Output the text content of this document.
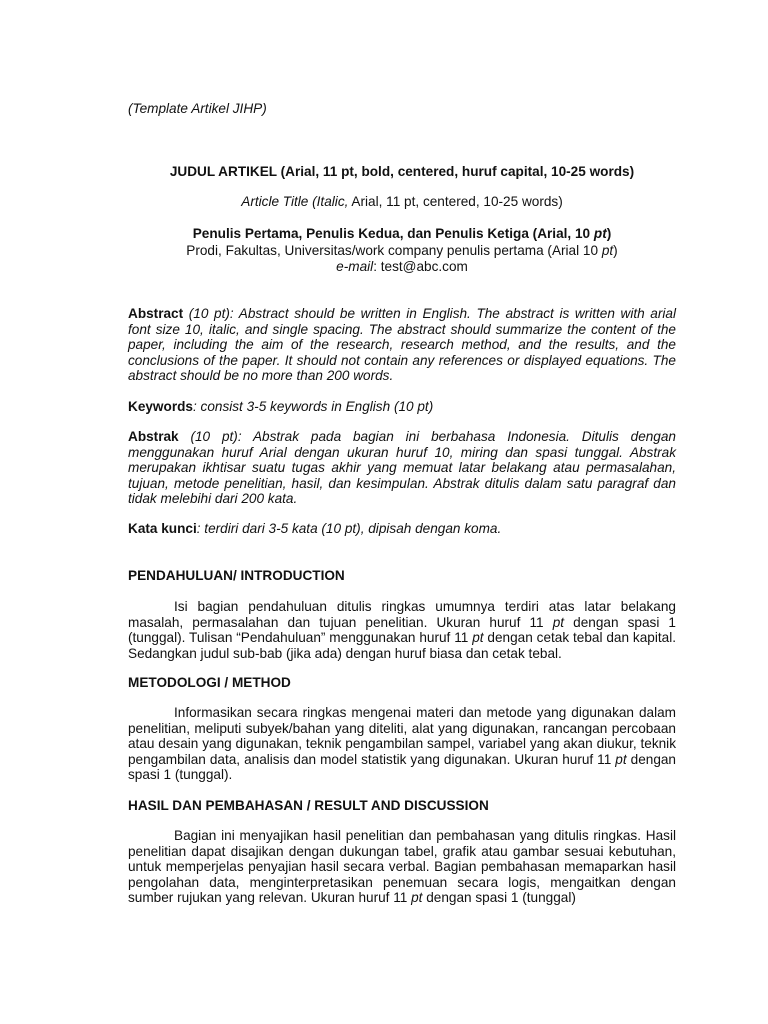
(Template Artikel JIHP)

JUDUL ARTIKEL (Arial, 11 pt, bold, centered, huruf capital, 10-25 words)

Article Title (Italic, Arial, 11 pt, centered, 10-25 words)

Penulis Pertama, Penulis Kedua, dan Penulis Ketiga (Arial, 10 pt)

Prodi, Fakultas, Universitas/work company penulis pertama (Arial 10 pt)

e-mail: test@abc.com

Abstract (10 pt): Abstract should be written in English. The abstract is written with arial font size 10, italic, and single spacing. The abstract should summarize the content of the paper, including the aim of the research, research method, and the results, and the conclusions of the paper. It should not contain any references or displayed equations. The abstract should be no more than 200 words.

Keywords: consist 3-5 keywords in English (10 pt)

Abstrak (10 pt): Abstrak pada bagian ini berbahasa Indonesia. Ditulis dengan menggunakan huruf Arial dengan ukuran huruf 10, miring dan spasi tunggal. Abstrak merupakan ikhtisar suatu tugas akhir yang memuat latar belakang atau permasalahan, tujuan, metode penelitian, hasil, dan kesimpulan. Abstrak ditulis dalam satu paragraf dan tidak melebihi dari 200 kata.

Kata kunci: terdiri dari 3-5 kata (10 pt), dipisah dengan koma.

PENDAHULUAN/ INTRODUCTION

Isi bagian pendahuluan ditulis ringkas umumnya terdiri atas latar belakang masalah, permasalahan dan tujuan penelitian. Ukuran huruf 11 pt dengan spasi 1 (tunggal). Tulisan “Pendahuluan” menggunakan huruf 11 pt dengan cetak tebal dan kapital. Sedangkan judul sub-bab (jika ada) dengan huruf biasa dan cetak tebal.

METODOLOGI / METHOD

Informasikan secara ringkas mengenai materi dan metode yang digunakan dalam penelitian, meliputi subyek/bahan yang diteliti, alat yang digunakan, rancangan percobaan atau desain yang digunakan, teknik pengambilan sampel, variabel yang akan diukur, teknik pengambilan data, analisis dan model statistik yang digunakan. Ukuran huruf 11 pt dengan spasi 1 (tunggal).

HASIL DAN PEMBAHASAN / RESULT AND DISCUSSION

Bagian ini menyajikan hasil penelitian dan pembahasan yang ditulis ringkas. Hasil penelitian dapat disajikan dengan dukungan tabel, grafik atau gambar sesuai kebutuhan, untuk memperjelas penyajian hasil secara verbal. Bagian pembahasan memaparkan hasil pengolahan data, menginterpretasikan penemuan secara logis, mengaitkan dengan sumber rujukan yang relevan. Ukuran huruf 11 pt dengan spasi 1 (tunggal)
